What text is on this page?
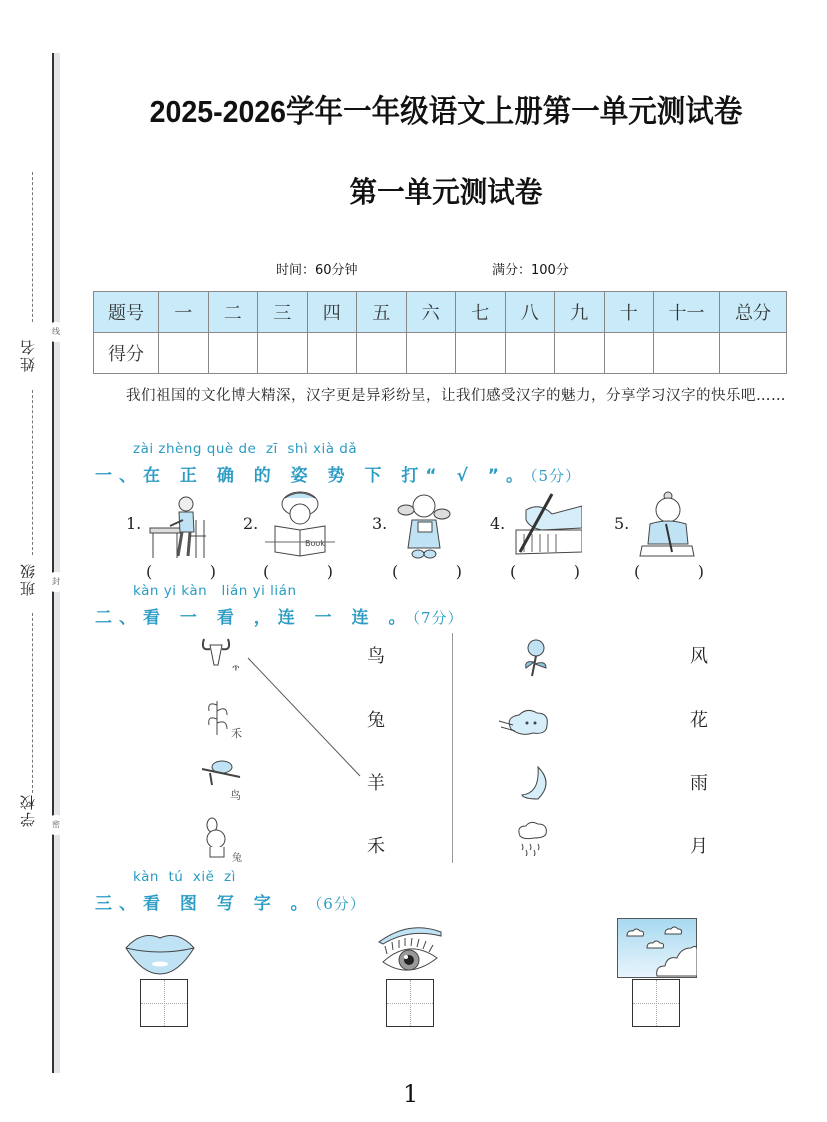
姓名
班级
学校
线
封
密
2025-2026学年一年级语文上册第一单元测试卷
第一单元测试卷
时间：60分钟	满分：100分
题号	一	二	三	四	五	六	七	八	九	十	十一	总分
得分												
我们祖国的文化博大精深，汉字更是异彩纷呈，让我们感受汉字的魅力，分享学习汉字的快乐吧……
zài zhèng què de  zī  shì xià dǎ
一、在 正 确 的 姿 势 下 打“ √ ”。（5分）
1.
(	)
2.
Book
(	)
3.
(	)
4.
(	)
5.
(	)
kàn yi kàn   lián yi lián
二、看 一 看 ，连 一 连 。（7分）
ጥ
禾
鸟
兔
鸟
兔
羊
禾
风
花
雨
月
kàn  tú  xiě  zì
三、看 图 写 字 。（6分）
1
